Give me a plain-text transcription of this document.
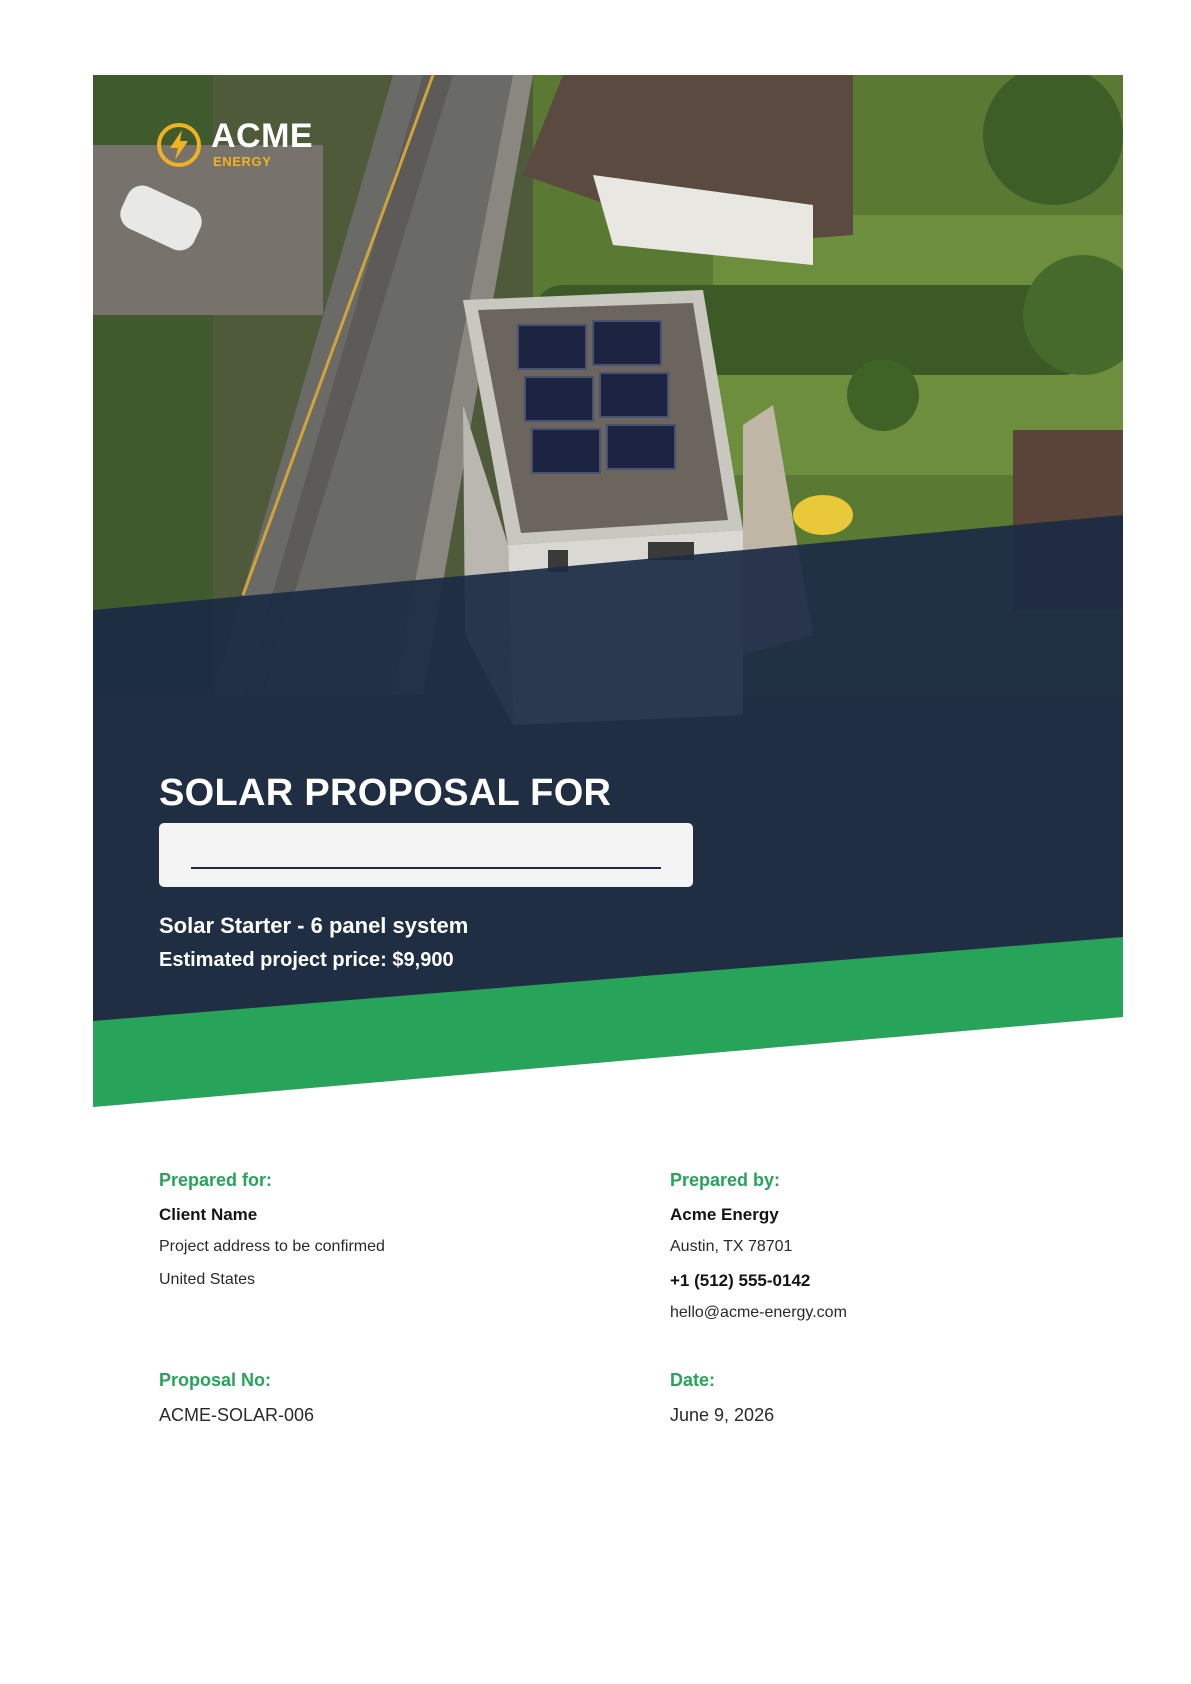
ACME
ENERGY
SOLAR PROPOSAL FOR

Solar Starter - 6 panel system

Estimated project price: $9,900

Prepared for:

Client Name

Project address to be confirmed

United States

Prepared by:

Acme Energy

Austin, TX 78701

+1 (512) 555-0142

hello@acme-energy.com

Proposal No:

ACME-SOLAR-006

Date:

June 9, 2026
